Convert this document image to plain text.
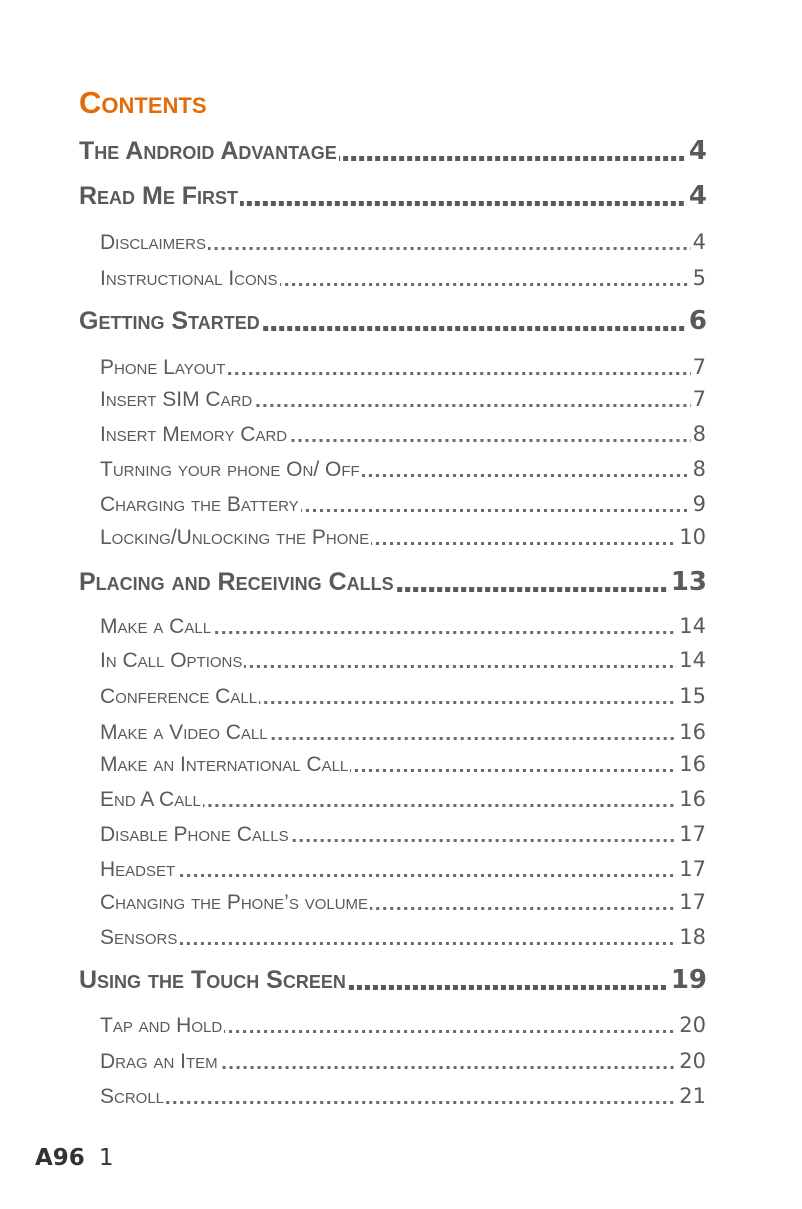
Contents
The Android Advantage	4
Read Me First	4
Disclaimers	4
Instructional Icons	5
Getting Started	6
Phone Layout	7
Insert SIM Card	7
Insert Memory Card	8
Turning your phone On/ Off	8
Charging the Battery	9
Locking/Unlocking the Phone	10
Placing and Receiving Calls	13
Make a Call	14
In Call Options	14
Conference Call	15
Make a Video Call	16
Make an International Call	16
End A Call	16
Disable Phone Calls	17
Headset	17
Changing the Phone’s volume	17
Sensors	18
Using the Touch Screen	19
Tap and Hold	20
Drag an Item	20
Scroll	21
A96 1
